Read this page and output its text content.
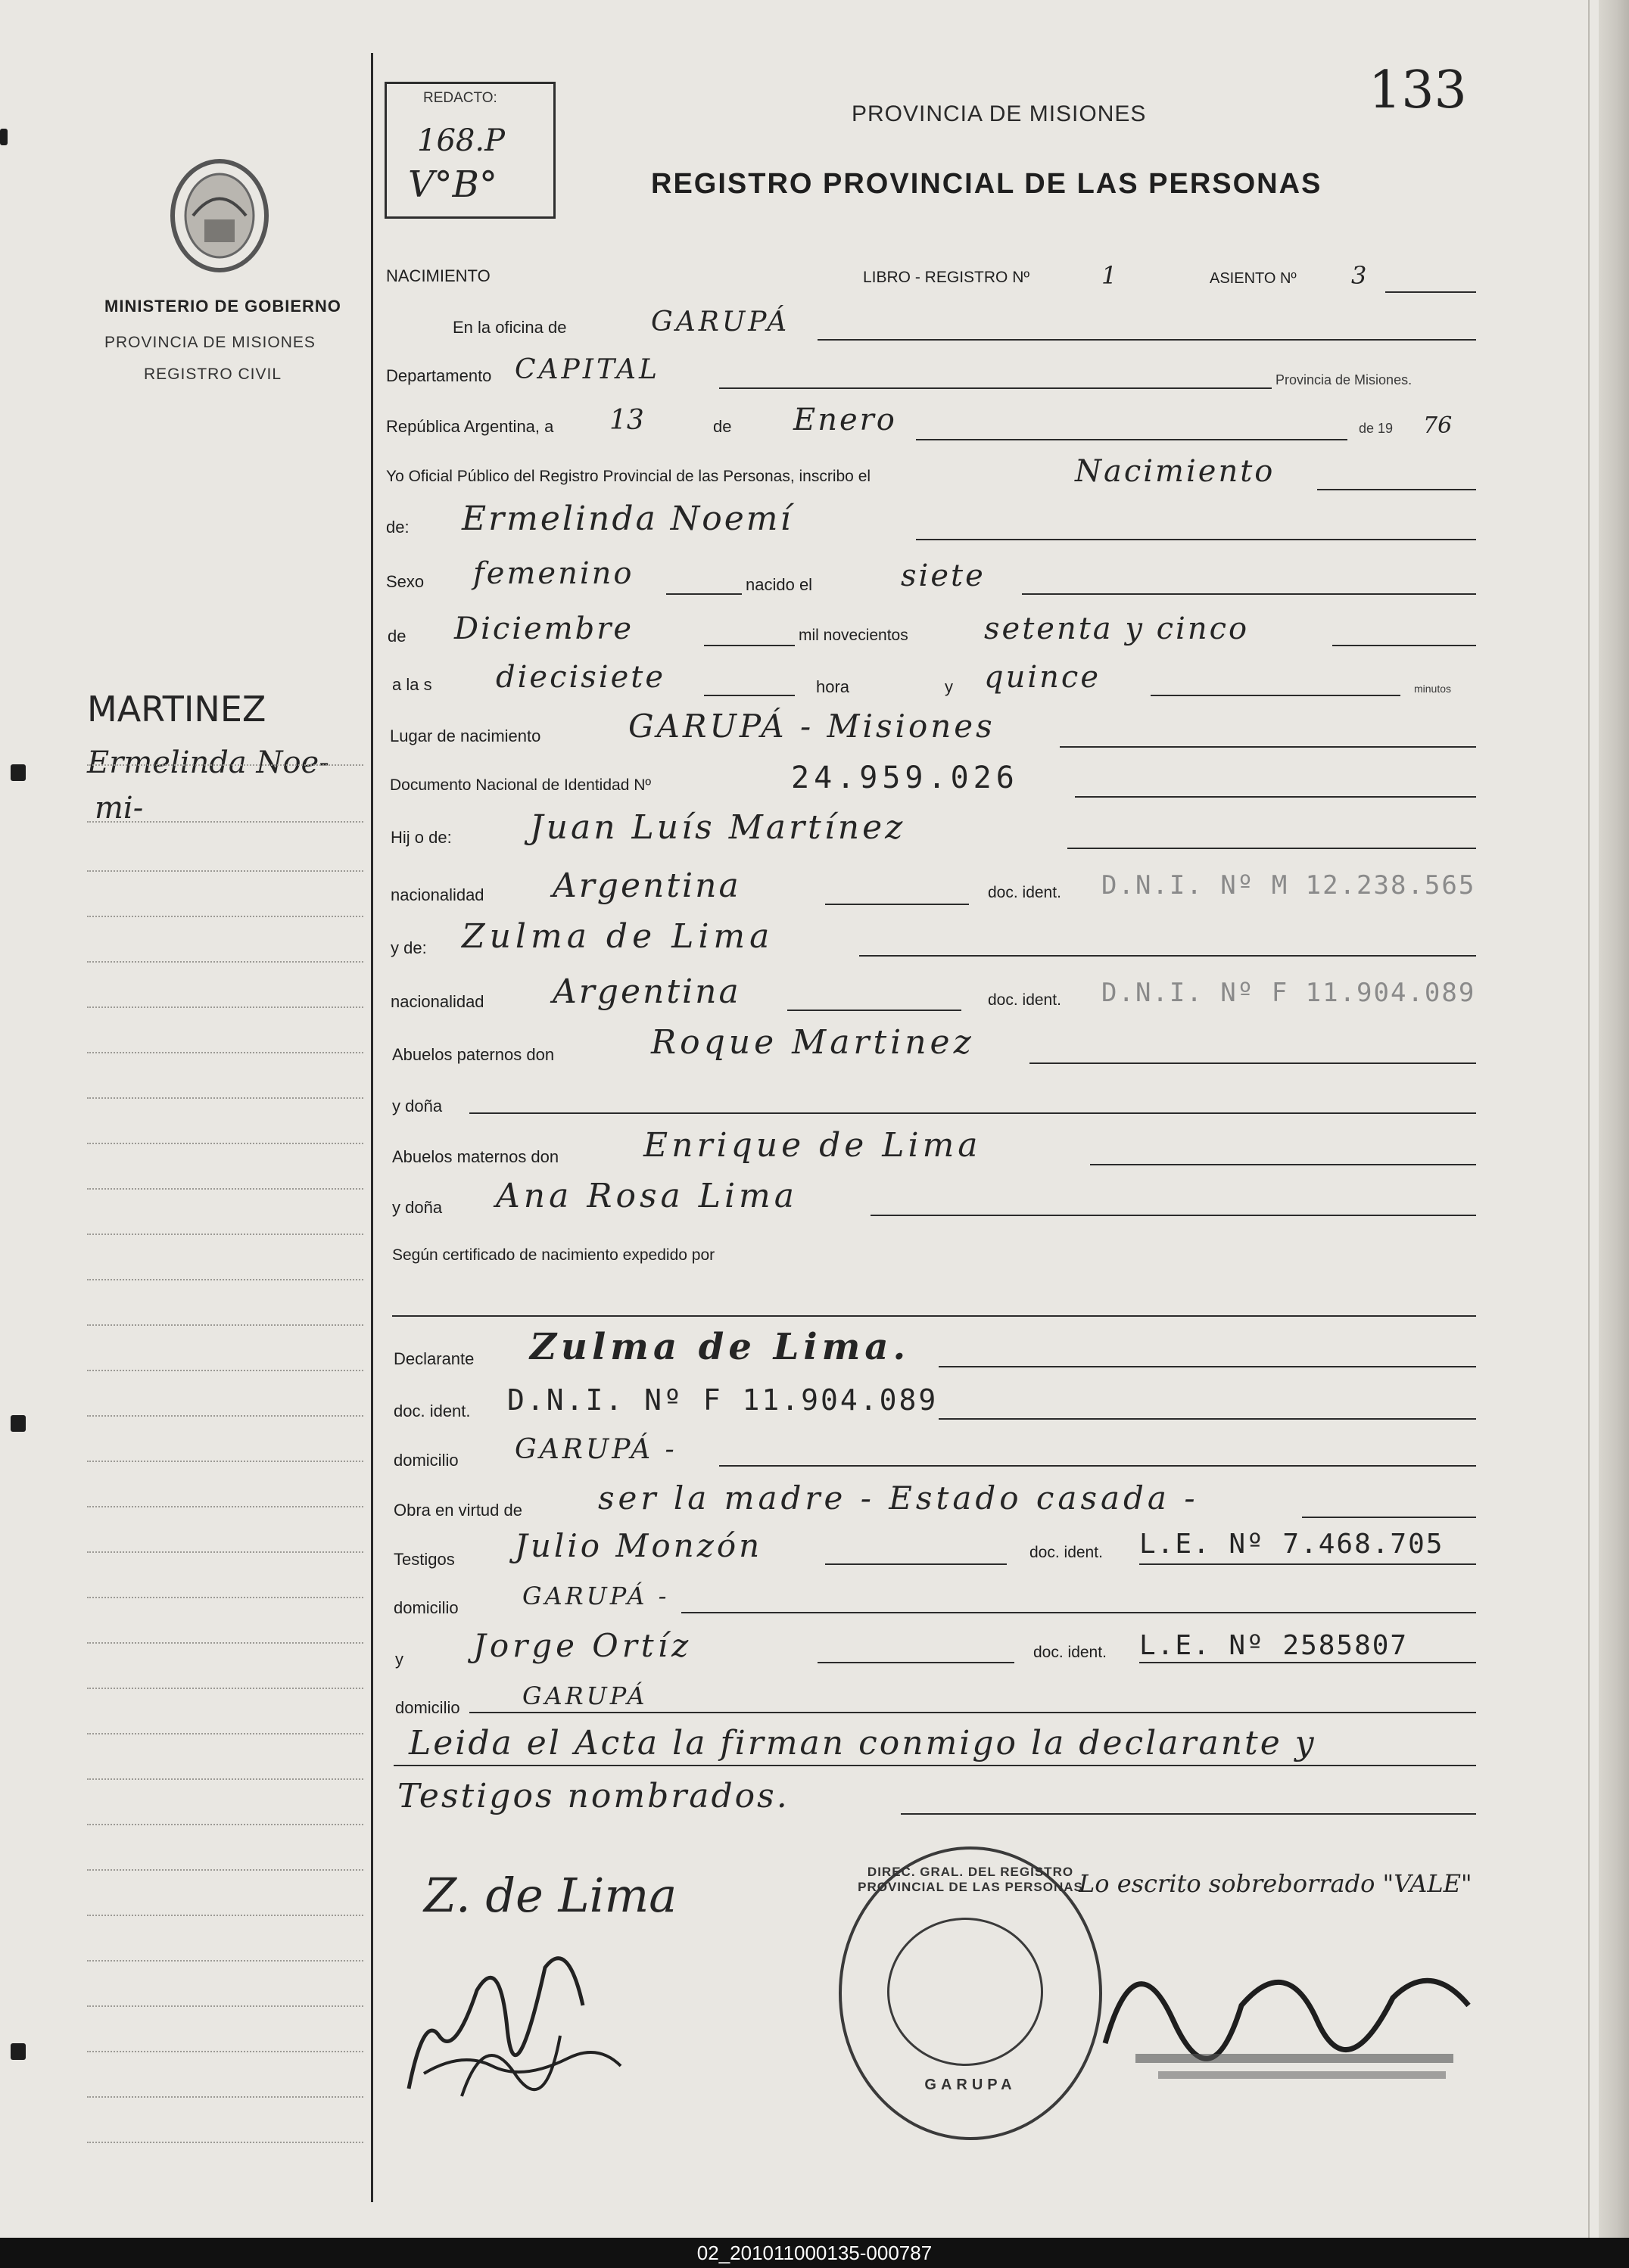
133
REDACTO:
168.P
V°B°
PROVINCIA DE MISIONES
REGISTRO PROVINCIAL DE LAS PERSONAS
MINISTERIO DE GOBIERNO
PROVINCIA DE MISIONES
REGISTRO CIVIL
MARTINEZ
Ermelinda Noe-
mi-
NACIMIENTO	LIBRO - REGISTRO Nº	1	ASIENTO Nº 3
En la oficina de	GARUPÁ
Departamento CAPITAL	Provincia de Misiones.
República Argentina, a 13	de Enero	de 19 76
Yo Oficial Público del Registro Provincial de las Personas, inscribo el	Nacimiento
de: Ermelinda Noemí
Sexo femenino	nacido el	siete
de Diciembre	mil novecientos	setenta y cinco
a la s diecisiete	hora	y quince	minutos
Lugar de nacimiento	GARUPÁ - Misiones
Documento Nacional de Identidad Nº	24.959.026
Hij o de: Juan Luís Martínez
nacionalidad Argentina	doc. ident. D.N.I. Nº M 12.238.565
y de: Zulma de Lima
nacionalidad Argentina	doc. ident. D.N.I. Nº F 11.904.089
Abuelos paternos don	Roque Martinez
y doña
Abuelos maternos don	Enrique de Lima
y doña Ana Rosa Lima
Según certificado de nacimiento expedido por
Declarante Zulma de Lima.
doc. ident. D.N.I. Nº F 11.904.089
domicilio GARUPÁ -
Obra en virtud de ser la madre - Estado casada -
Testigos Julio Monzón	doc. ident. L.E. Nº 7.468.705
domicilio	GARUPÁ -
y Jorge Ortíz	doc. ident. L.E. Nº 2585807
domicilio	GARUPÁ
Leida el Acta la firman conmigo la declarante y
Testigos nombrados.
Z. de Lima	DIREC. GRAL. DEL REGISTRO PROVINCIAL DE LAS PERSONAS
GARUPA
Lo escrito sobreborrado "VALE"
02_201011000135-000787
